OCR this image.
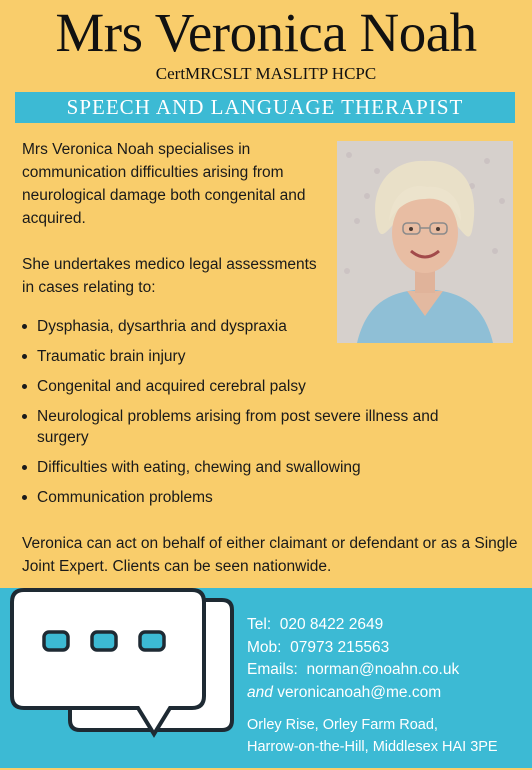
Mrs Veronica Noah
CertMRCSLT MASLITP HCPC
SPEECH AND LANGUAGE THERAPIST

Mrs Veronica Noah specialises in communication difficulties arising from neurological damage both congenital and acquired.

She undertakes medico legal assessments in cases relating to:

Dysphasia, dysarthria and dyspraxia
Traumatic brain injury
Congenital and acquired cerebral palsy
Neurological problems arising from post severe illness and surgery
Difficulties with eating, chewing and swallowing
Communication problems
Veronica can act on behalf of either claimant or defendant or as a Single Joint Expert. Clients can be seen nationwide.
Tel: 020 8422 2649
Mob: 07973 215563
Emails: norman@noahn.co.uk
and veronicanoah@me.com
Orley Rise, Orley Farm Road,
Harrow-on-the-Hill, Middlesex HAI 3PE
